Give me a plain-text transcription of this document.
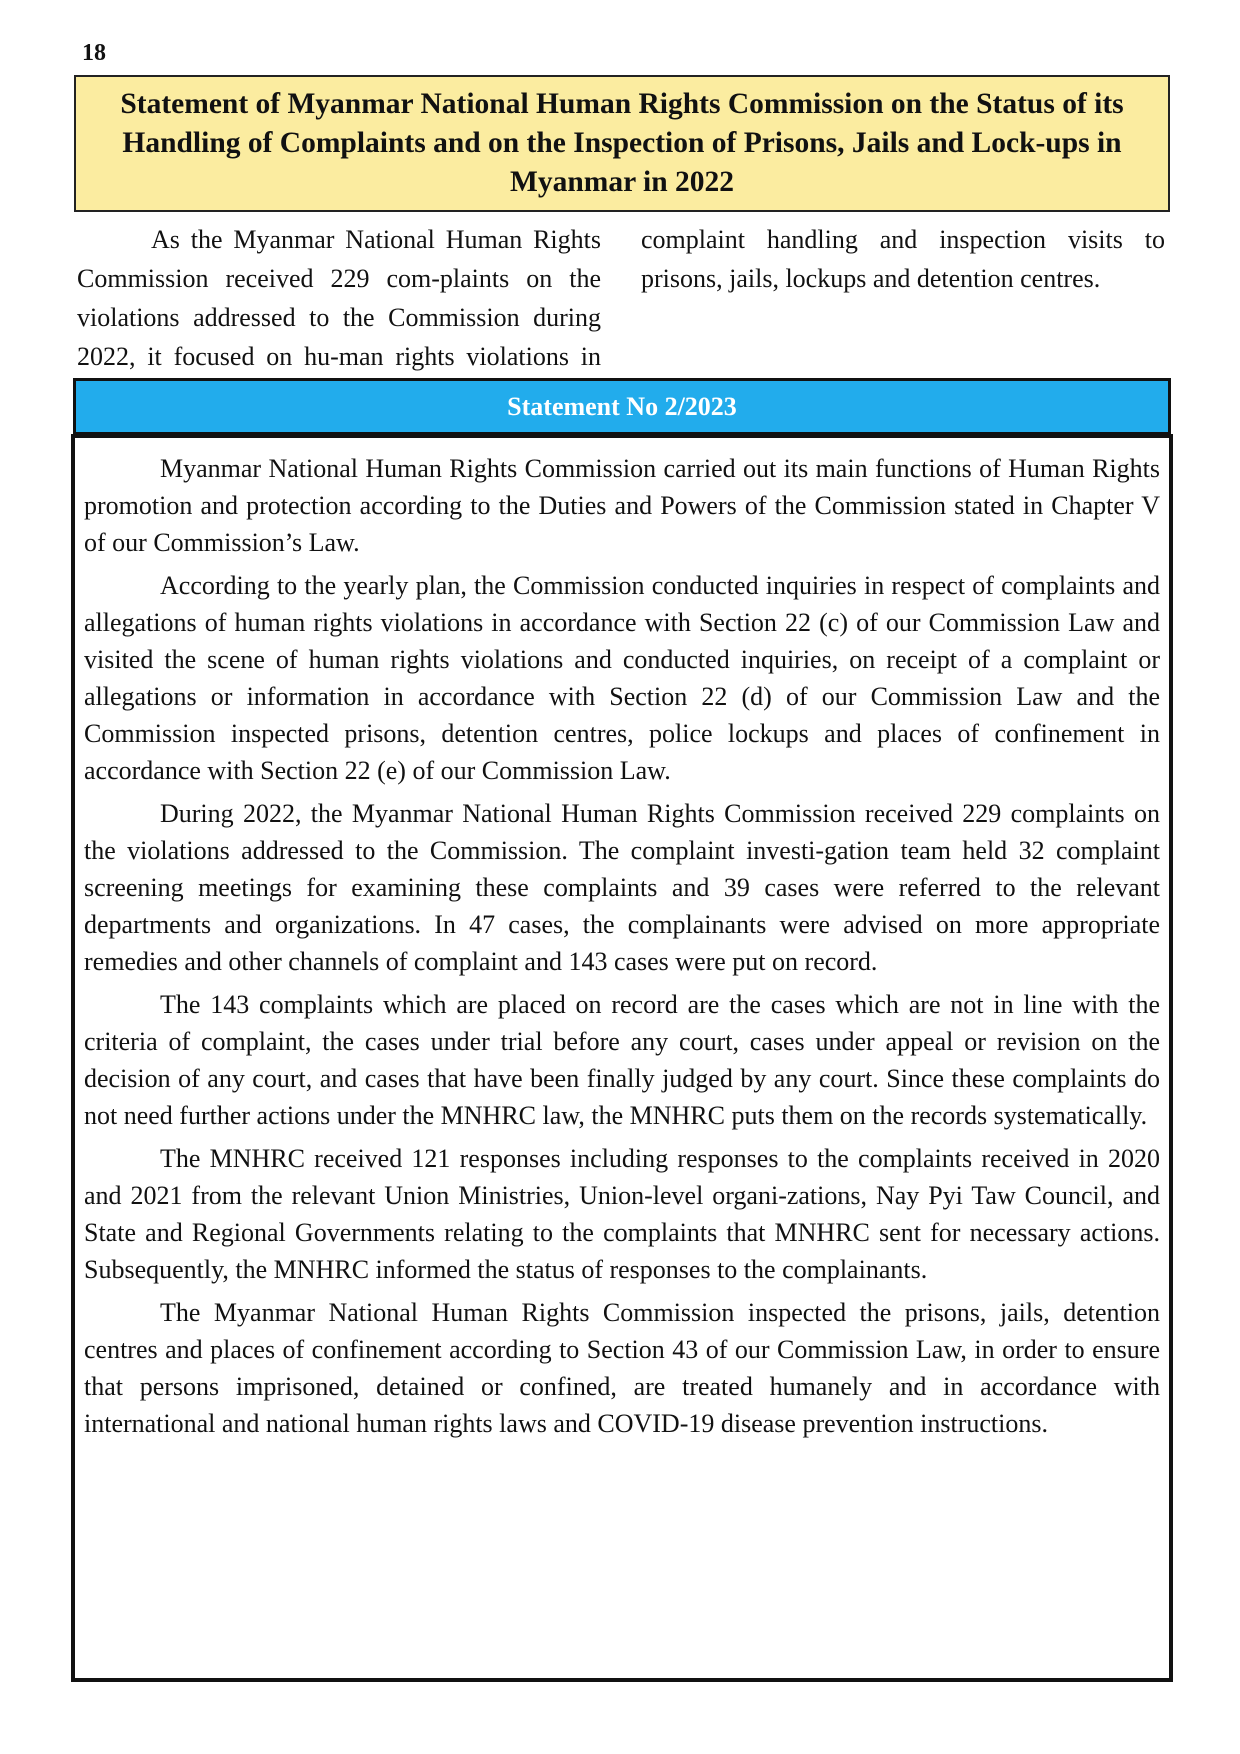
18
Statement of Myanmar National Human Rights Commission on the Status of its Handling of Complaints and on the Inspection of Prisons, Jails and Lock-ups in Myanmar in 2022

As the Myanmar National Human Rights Commission received 229 com-plaints on the violations addressed to the Commission during 2022, it focused on hu-man rights violations in complaint handling and inspection visits to prisons, jails, lockups and detention centres.

Statement No 2/2023

Myanmar National Human Rights Commission carried out its main functions of Human Rights promotion and protection according to the Duties and Powers of the Commission stated in Chapter V of our Commission’s Law.

According to the yearly plan, the Commission conducted inquiries in respect of complaints and allegations of human rights violations in accordance with Section 22 (c) of our Commission Law and visited the scene of human rights violations and conducted inquiries, on receipt of a complaint or allegations or information in accordance with Section 22 (d) of our Commission Law and the Commission inspected prisons, detention centres, police lockups and places of confinement in accordance with Section 22 (e) of our Commission Law.

During 2022, the Myanmar National Human Rights Commission received 229 complaints on the violations addressed to the Commission. The complaint investi-gation team held 32 complaint screening meetings for examining these complaints and 39 cases were referred to the relevant departments and organizations. In 47 cases, the complainants were advised on more appropriate remedies and other channels of complaint and 143 cases were put on record.

The 143 complaints which are placed on record are the cases which are not in line with the criteria of complaint, the cases under trial before any court, cases under appeal or revision on the decision of any court, and cases that have been finally judged by any court. Since these complaints do not need further actions under the MNHRC law, the MNHRC puts them on the records systematically.

The MNHRC received 121 responses including responses to the complaints received in 2020 and 2021 from the relevant Union Ministries, Union-level organi-zations, Nay Pyi Taw Council, and State and Regional Governments relating to the complaints that MNHRC sent for necessary actions. Subsequently, the MNHRC informed the status of responses to the complainants.

The Myanmar National Human Rights Commission inspected the prisons, jails, detention centres and places of confinement according to Section 43 of our Commission Law, in order to ensure that persons imprisoned, detained or confined, are treated humanely and in accordance with international and national human rights laws and COVID-19 disease prevention instructions.
